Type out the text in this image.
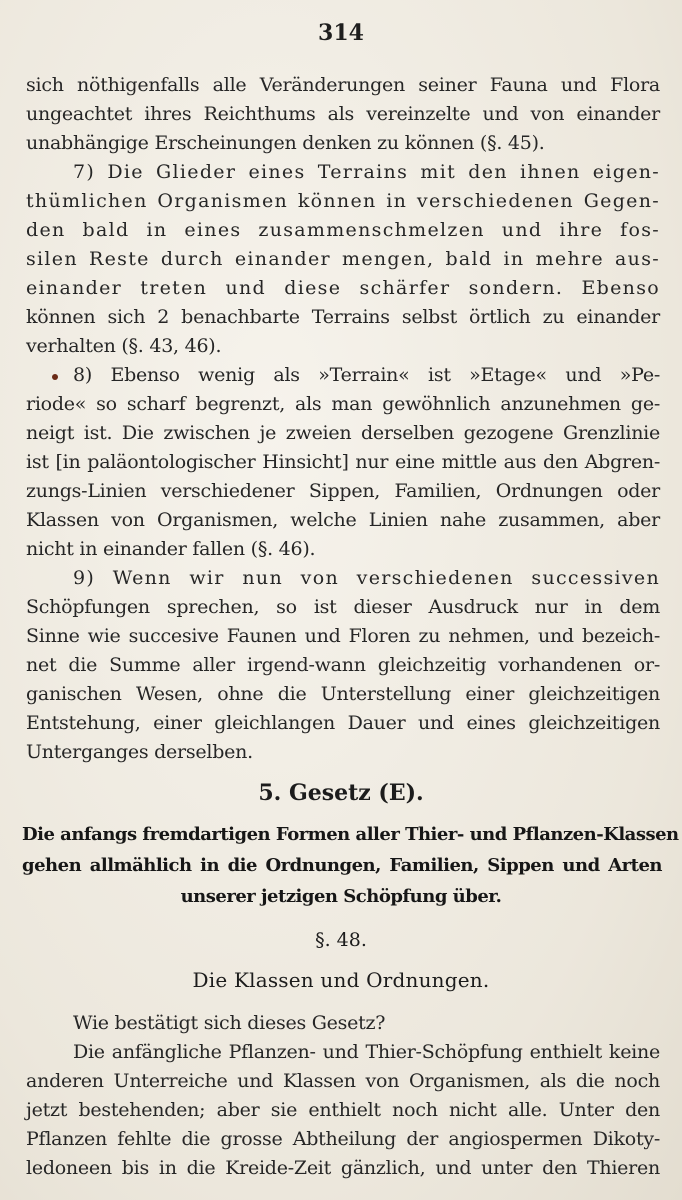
314
sich nöthigenfalls alle Veränderungen seiner Fauna und Flora
ungeachtet ihres Reichthums als vereinzelte und von einander
unabhängige Erscheinungen denken zu können (§. 45).
7) Die Glieder eines Terrains mit den ihnen eigen-
thümlichen Organismen können in verschiedenen Gegen-
den bald in eines zusammenschmelzen und ihre fos-
silen Reste durch einander mengen, bald in mehre aus-
einander treten und diese schärfer sondern. Ebenso
können sich 2 benachbarte Terrains selbst örtlich zu einander
verhalten (§. 43, 46).
8) Ebenso wenig als »Terrain« ist »Etage« und »Pe-
riode« so scharf begrenzt, als man gewöhnlich anzunehmen ge-
neigt ist. Die zwischen je zweien derselben gezogene Grenzlinie
ist [in paläontologischer Hinsicht] nur eine mittle aus den Abgren-
zungs-Linien verschiedener Sippen, Familien, Ordnungen oder
Klassen von Organismen, welche Linien nahe zusammen, aber
nicht in einander fallen (§. 46).
9) Wenn wir nun von verschiedenen successiven
Schöpfungen sprechen, so ist dieser Ausdruck nur in dem
Sinne wie succesive Faunen und Floren zu nehmen, und bezeich-
net die Summe aller irgend-wann gleichzeitig vorhandenen or-
ganischen Wesen, ohne die Unterstellung einer gleichzeitigen
Entstehung, einer gleichlangen Dauer und eines gleichzeitigen
Unterganges derselben.
5. Gesetz (E).
Die anfangs fremdartigen Formen aller Thier- und Pflanzen-Klassen
gehen allmählich in die Ordnungen, Familien, Sippen und Arten
unserer jetzigen Schöpfung über.
§. 48.
Die Klassen und Ordnungen.
Wie bestätigt sich dieses Gesetz?
Die anfängliche Pflanzen- und Thier-Schöpfung enthielt keine
anderen Unterreiche und Klassen von Organismen, als die noch
jetzt bestehenden; aber sie enthielt noch nicht alle. Unter den
Pflanzen fehlte die grosse Abtheilung der angiospermen Dikoty-
ledoneen bis in die Kreide-Zeit gänzlich, und unter den Thieren
